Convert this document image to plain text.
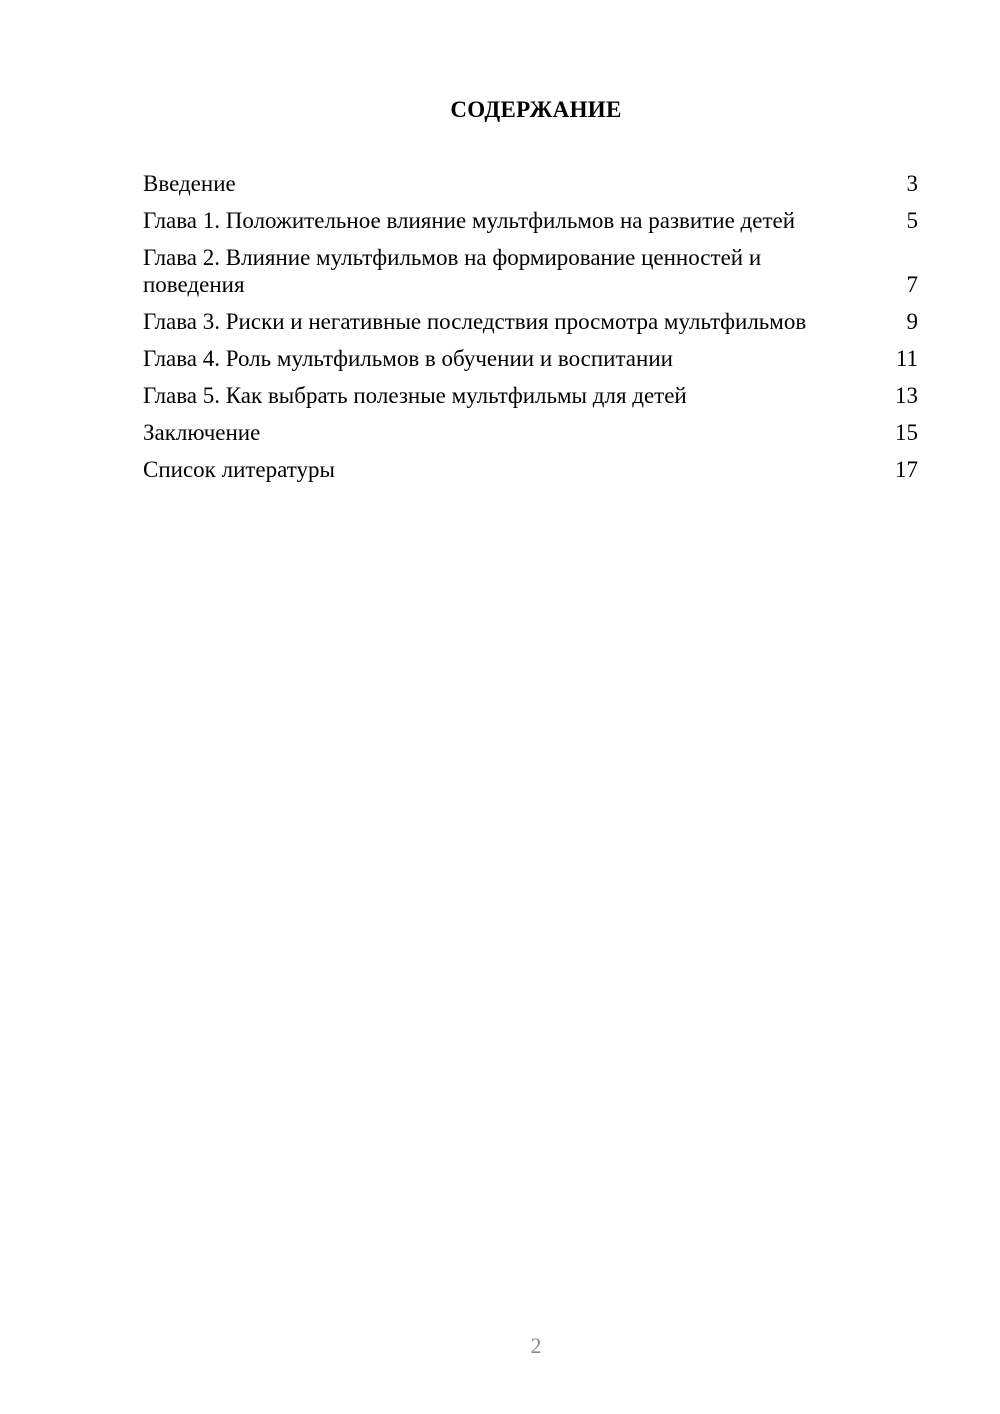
СОДЕРЖАНИЕ
Введение	3
Глава 1. Положительное влияние мультфильмов на развитие детей	5
Глава 2. Влияние мультфильмов на формирование ценностей и поведения	7
Глава 3. Риски и негативные последствия просмотра мультфильмов	9
Глава 4. Роль мультфильмов в обучении и воспитании	11
Глава 5. Как выбрать полезные мультфильмы для детей	13
Заключение	15
Список литературы	17
2
